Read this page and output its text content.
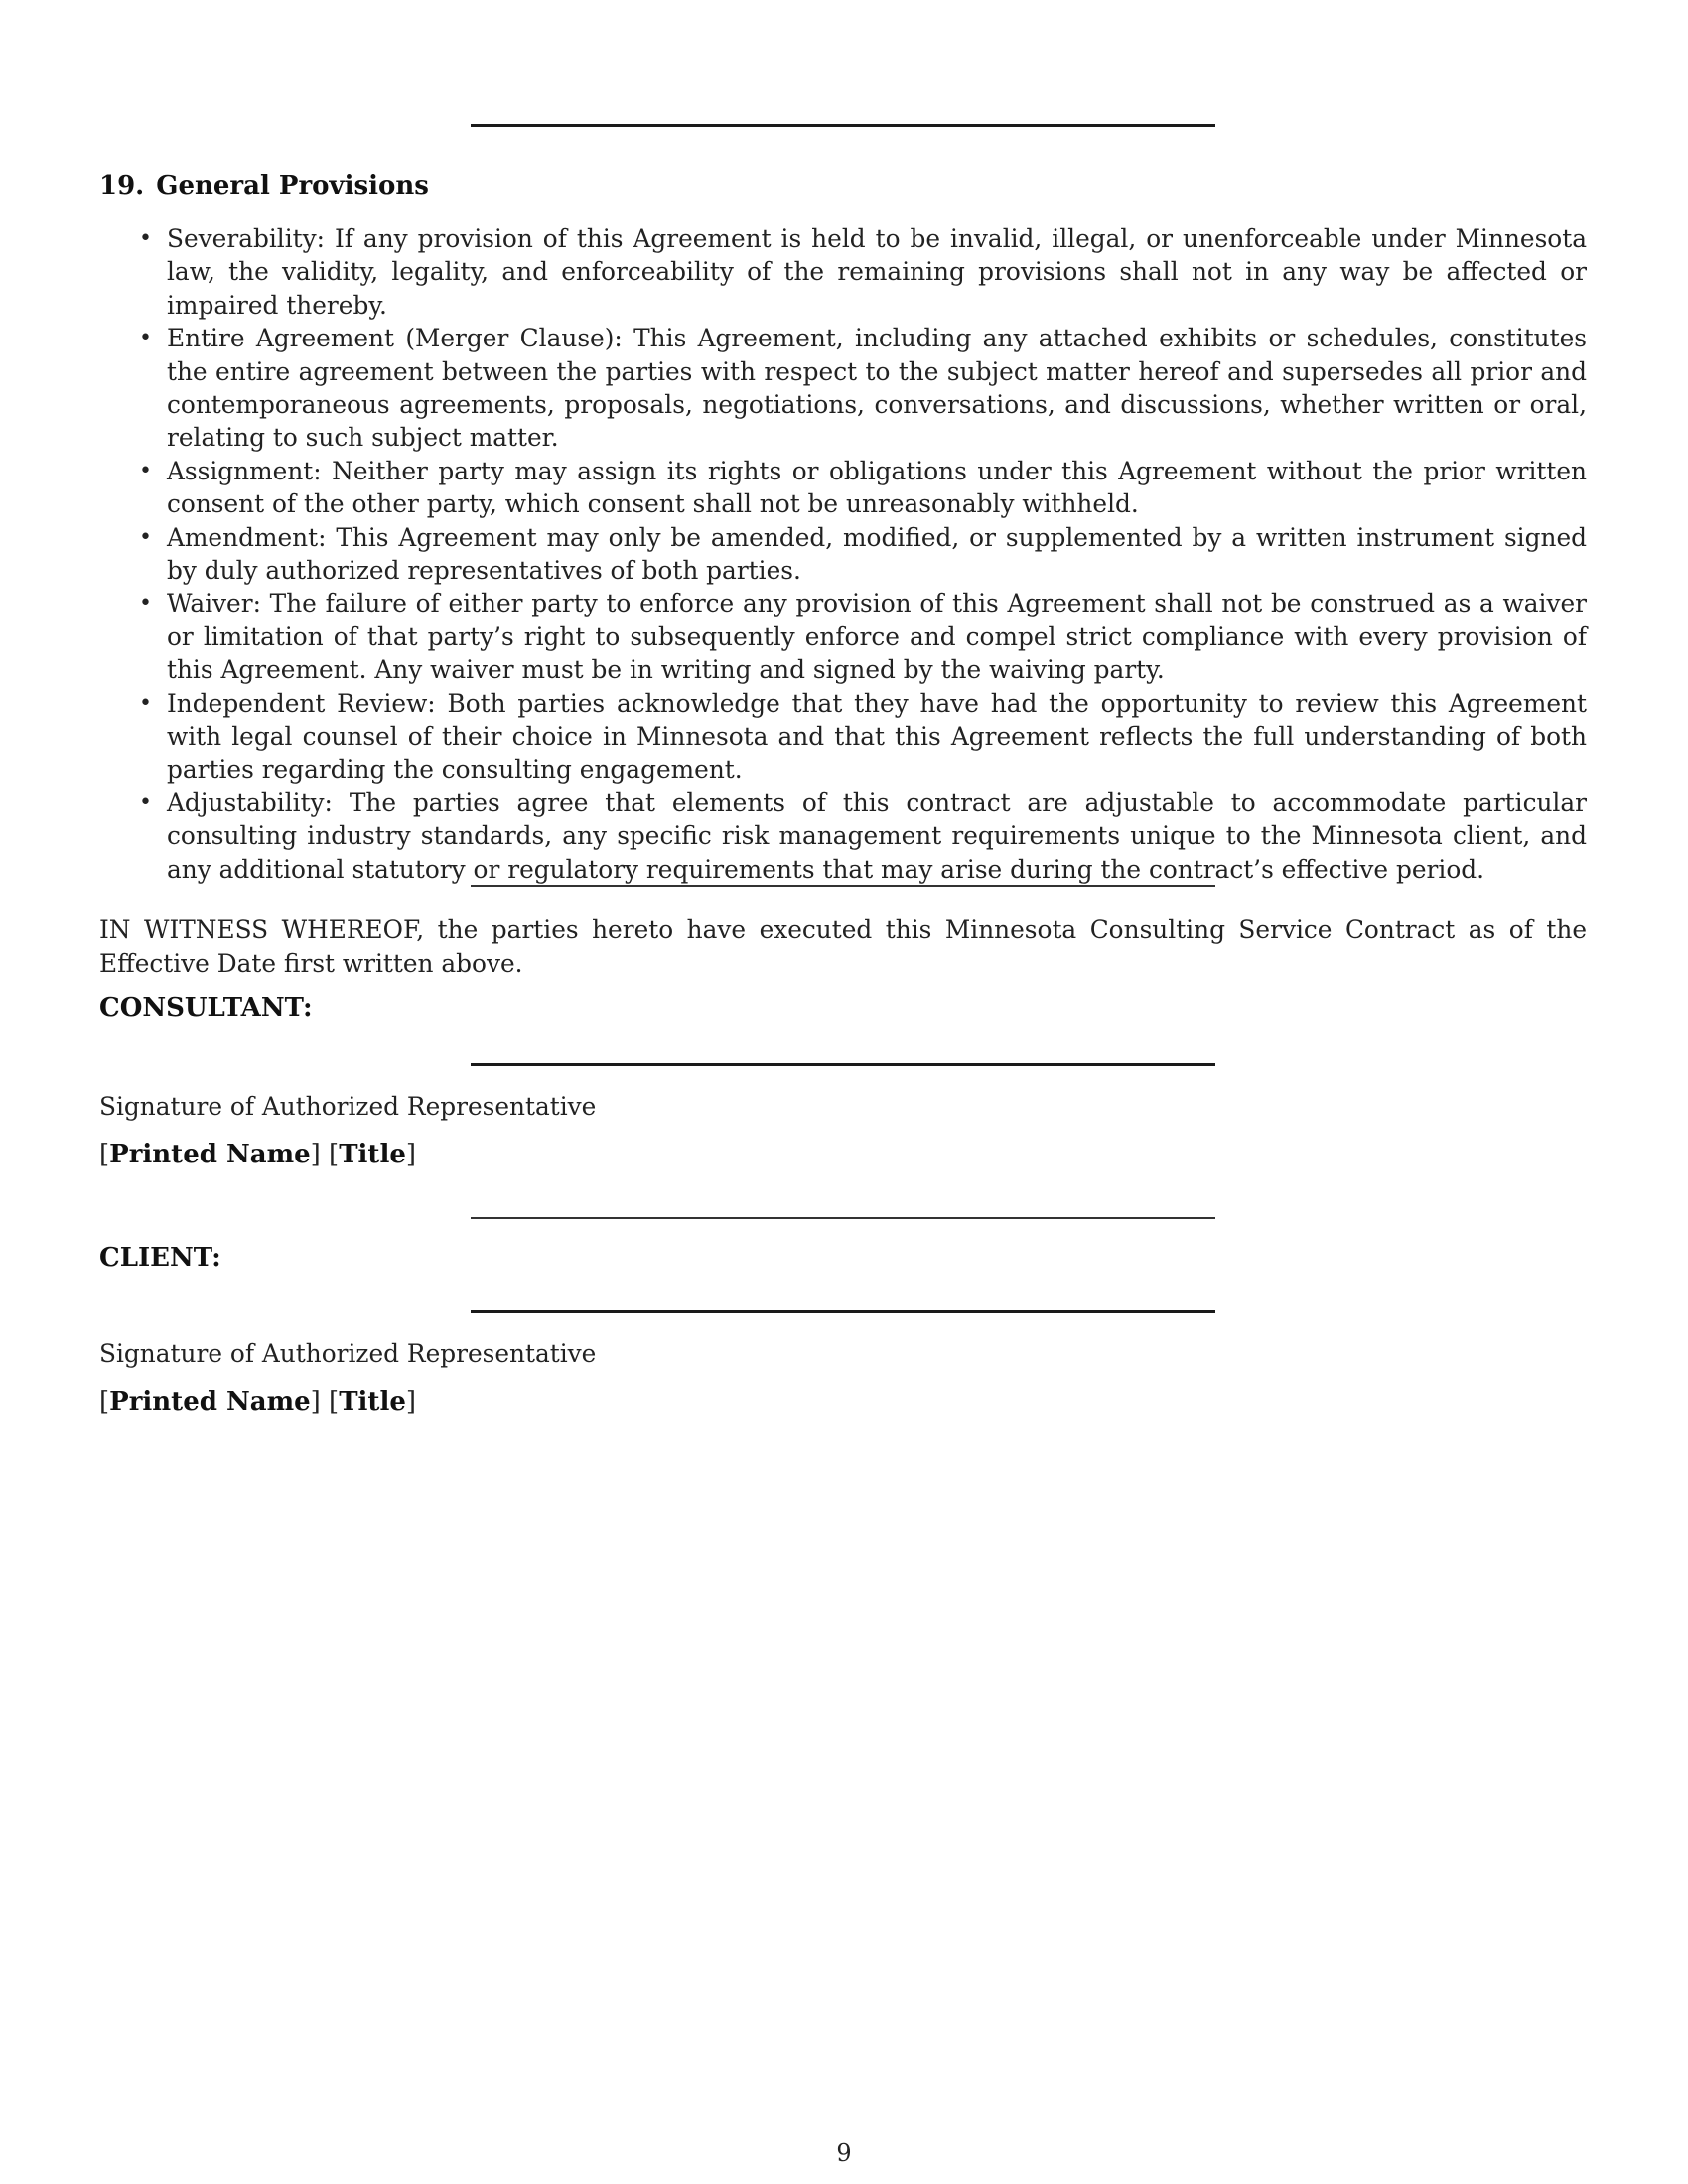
19. General Provisions
• Severability: If any provision of this Agreement is held to be invalid, illegal, or unenforceable under Minnesota law, the validity, legality, and enforceability of the remaining provisions shall not in any way be affected or impaired thereby.
• Entire Agreement (Merger Clause): This Agreement, including any attached exhibits or schedules, constitutes the entire agreement between the parties with respect to the subject matter hereof and supersedes all prior and contemporaneous agreements, proposals, negotiations, conversations, and discussions, whether written or oral, relating to such subject matter.
• Assignment: Neither party may assign its rights or obligations under this Agreement without the prior written consent of the other party, which consent shall not be unreasonably withheld.
• Amendment: This Agreement may only be amended, modified, or supplemented by a written instrument signed by duly authorized representatives of both parties.
• Waiver: The failure of either party to enforce any provision of this Agreement shall not be construed as a waiver or limitation of that party’s right to subsequently enforce and compel strict compliance with every provision of this Agreement. Any waiver must be in writing and signed by the waiving party.
• Independent Review: Both parties acknowledge that they have had the opportunity to review this Agreement with legal counsel of their choice in Minnesota and that this Agreement reflects the full understanding of both parties regarding the consulting engagement.
• Adjustability: The parties agree that elements of this contract are adjustable to accommodate particular consulting industry standards, any specific risk management requirements unique to the Minnesota client, and any additional statutory or regulatory requirements that may arise during the contract’s effective period.

IN WITNESS WHEREOF, the parties hereto have executed this Minnesota Consulting Service Contract as of the Effective Date first written above.

CONSULTANT:

Signature of Authorized Representative

[Printed Name] [Title]

CLIENT:

Signature of Authorized Representative

[Printed Name] [Title]

9
